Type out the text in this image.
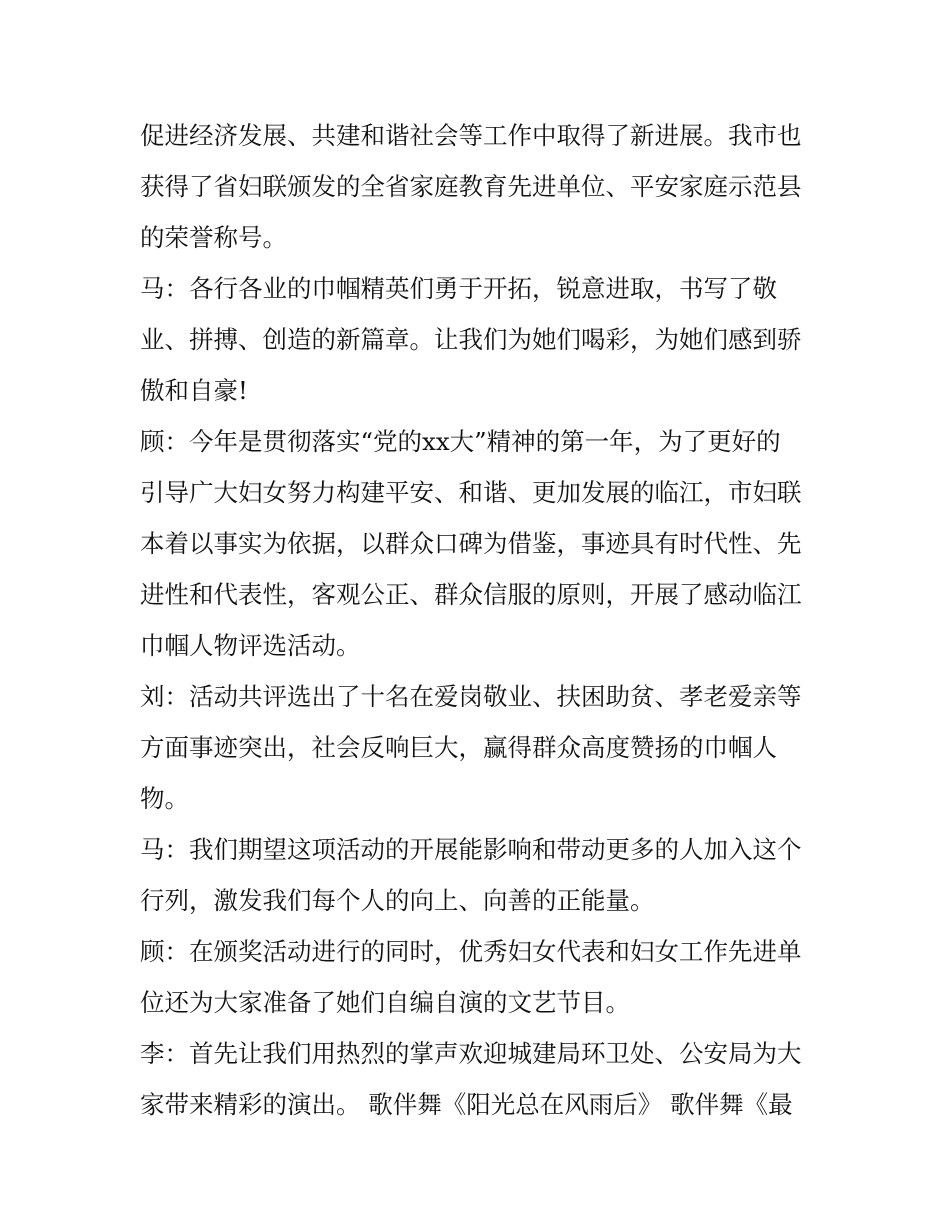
促进经济发展、共建和谐社会等工作中取得了新进展。我市也
获得了省妇联颁发的全省家庭教育先进单位、平安家庭示范县
的荣誉称号。

马：各行各业的巾帼精英们勇于开拓，锐意进取，书写了敬
业、拼搏、创造的新篇章。让我们为她们喝彩，为她们感到骄
傲和自豪!

顾：今年是贯彻落实“党的xx大”精神的第一年，为了更好的
引导广大妇女努力构建平安、和谐、更加发展的临江，市妇联
本着以事实为依据，以群众口碑为借鉴，事迹具有时代性、先
进性和代表性，客观公正、群众信服的原则，开展了感动临江
巾帼人物评选活动。

刘：活动共评选出了十名在爱岗敬业、扶困助贫、孝老爱亲等
方面事迹突出，社会反响巨大，赢得群众高度赞扬的巾帼人
物。

马：我们期望这项活动的开展能影响和带动更多的人加入这个
行列，激发我们每个人的向上、向善的正能量。

顾：在颁奖活动进行的同时，优秀妇女代表和妇女工作先进单
位还为大家准备了她们自编自演的文艺节目。

李：首先让我们用热烈的掌声欢迎城建局环卫处、公安局为大
家带来精彩的演出。 歌伴舞《阳光总在风雨后》 歌伴舞《最
